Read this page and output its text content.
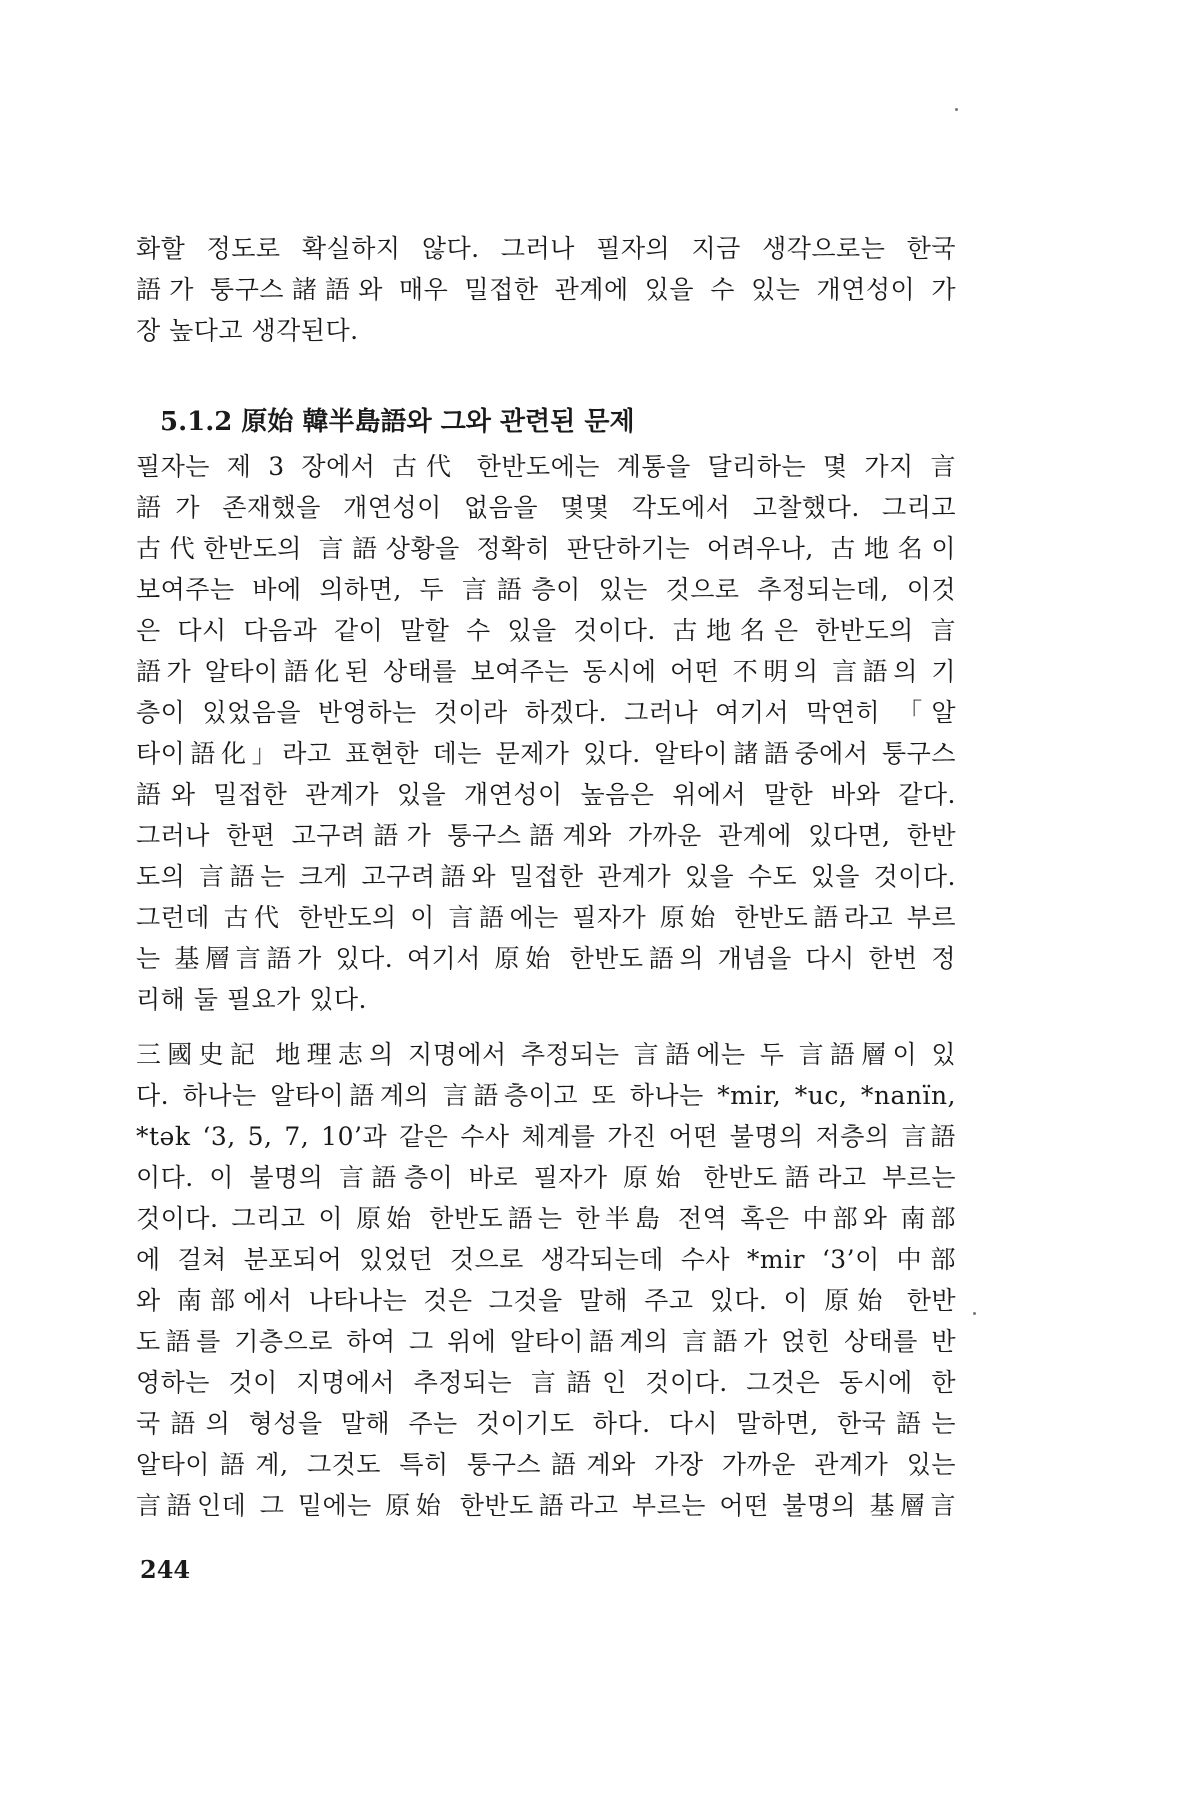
화할 정도로 확실하지 않다. 그러나 필자의 지금 생각으로는 한국
語가 퉁구스諸語와 매우 밀접한 관계에 있을 수 있는 개연성이 가
장 높다고 생각된다.
5.1.2 原始 韓半島語와 그와 관련된 문제
필자는 제 3 장에서 古代 한반도에는 계통을 달리하는 몇 가지 言
語가 존재했을 개연성이 없음을 몇몇 각도에서 고찰했다. 그리고
古代한반도의 言語상황을 정확히 판단하기는 어려우나, 古地名이
보여주는 바에 의하면, 두 言語층이 있는 것으로 추정되는데, 이것
은 다시 다음과 같이 말할 수 있을 것이다. 古地名은 한반도의 言
語가 알타이語化된 상태를 보여주는 동시에 어떤 不明의 言語의 기
층이 있었음을 반영하는 것이라 하겠다. 그러나 여기서 막연히 「알
타이語化」라고 표현한 데는 문제가 있다. 알타이諸語중에서 퉁구스
語와 밀접한 관계가 있을 개연성이 높음은 위에서 말한 바와 같다.
그러나 한편 고구려語가 퉁구스語계와 가까운 관계에 있다면, 한반
도의 言語는 크게 고구려語와 밀접한 관계가 있을 수도 있을 것이다.
그런데 古代 한반도의 이 言語에는 필자가 原始 한반도語라고 부르
는 基層言語가 있다. 여기서 原始 한반도語의 개념을 다시 한번 정
리해 둘 필요가 있다.
三國史記 地理志의 지명에서 추정되는 言語에는 두 言語層이 있
다. 하나는 알타이語계의 言語층이고 또 하나는 *mir, *uc, *nanïn,
*tək ‘3, 5, 7, 10’과 같은 수사 체계를 가진 어떤 불명의 저층의 言語
이다. 이 불명의 言語층이 바로 필자가 原始 한반도語라고 부르는
것이다. 그리고 이 原始 한반도語는 한半島 전역 혹은 中部와 南部
에 걸쳐 분포되어 있었던 것으로 생각되는데 수사 *mir ‘3’이 中部
와 南部에서 나타나는 것은 그것을 말해 주고 있다. 이 原始 한반
도語를 기층으로 하여 그 위에 알타이語계의 言語가 얹힌 상태를 반
영하는 것이 지명에서 추정되는 言語인 것이다. 그것은 동시에 한
국語의 형성을 말해 주는 것이기도 하다. 다시 말하면, 한국語는
알타이語계, 그것도 특히 퉁구스語계와 가장 가까운 관계가 있는
言語인데 그 밑에는 原始 한반도語라고 부르는 어떤 불명의 基層言
244
